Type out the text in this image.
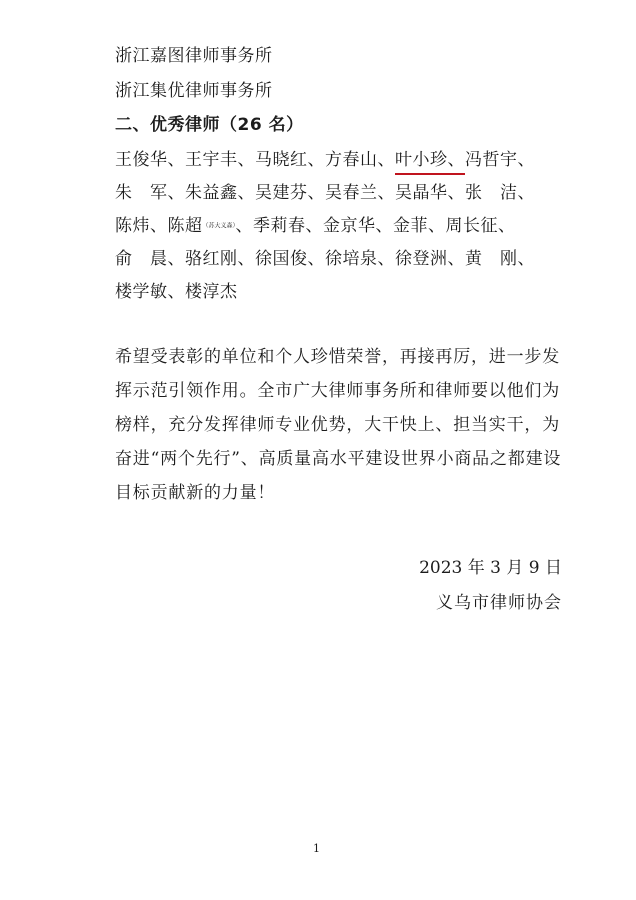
浙江嘉图律师事务所
浙江集优律师事务所
二、优秀律师（26 名）
王俊华、王宇丰、马晓红、方春山、叶小珍、
冯哲宇、
朱　军、朱益鑫、吴建芬、吴春兰、吴晶华、张　洁、
陈炜、陈超（苏大义森）、季莉春、金京华、金菲、周长征、
俞　晨、骆红刚、徐国俊、徐培泉、徐登洲、黄　刚、
楼学敏、楼淳杰
希望受表彰的单位和个人珍惜荣誉，再接再厉，进一步发挥示范引领作用。全市广大律师事务所和律师要以他们为榜样，充分发挥律师专业优势，大干快上、担当实干，为奋进“两个先行”、高质量高水平建设世界小商品之都建设目标贡献新的力量！
2023 年 3 月 9 日
义乌市律师协会
1
